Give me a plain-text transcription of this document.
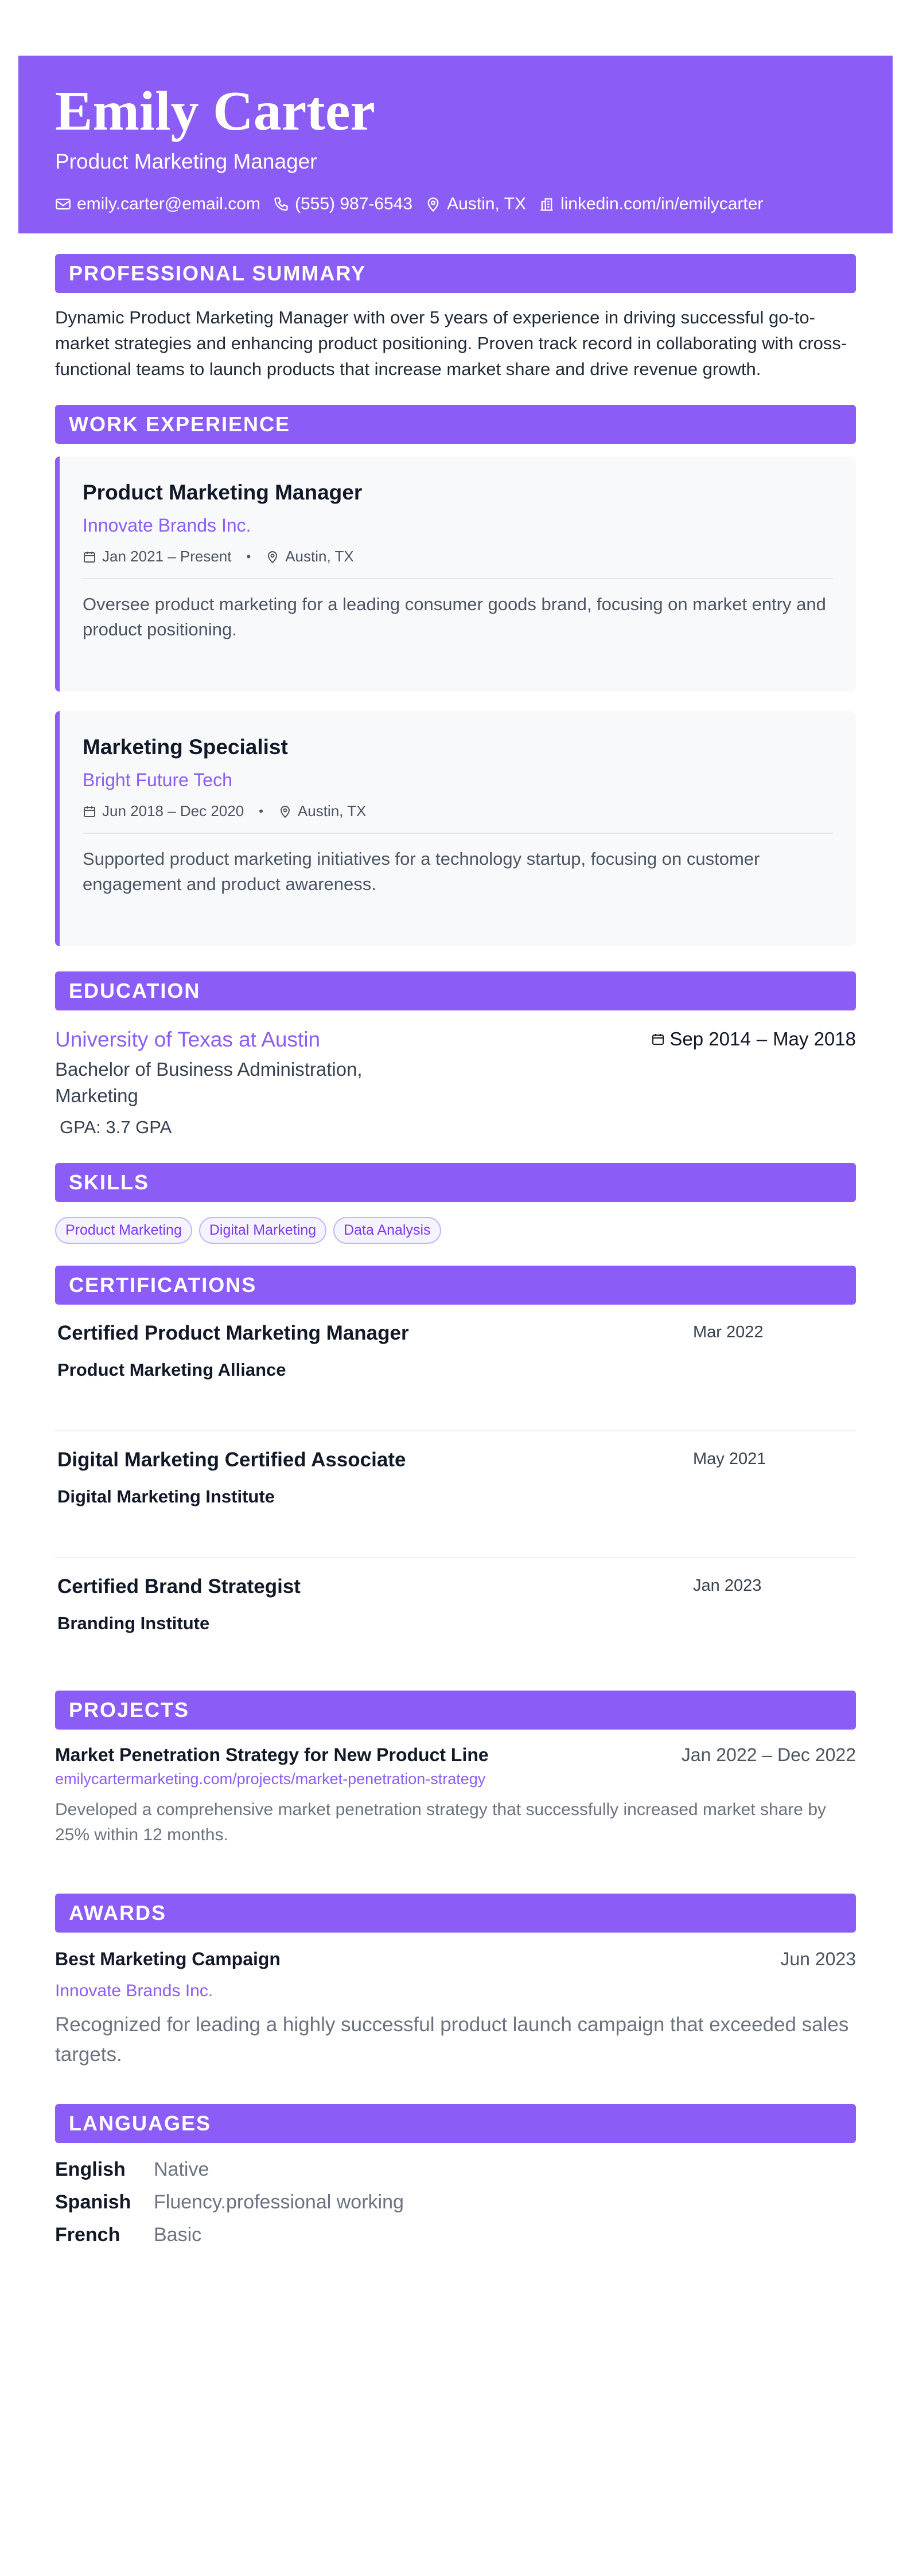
Emily Carter
Product Marketing Manager
emily.carter@email.com (555) 987-6543 Austin, TX linkedin.com/in/emilycarter
PROFESSIONAL SUMMARY
Dynamic Product Marketing Manager with over 5 years of experience in driving successful go-to-market strategies and enhancing product positioning. Proven track record in collaborating with cross-functional teams to launch products that increase market share and drive revenue growth.
WORK EXPERIENCE
Product Marketing Manager
Innovate Brands Inc.
Jan 2021 – Present • Austin, TX
Oversee product marketing for a leading consumer goods brand, focusing on market entry and product positioning.
Marketing Specialist
Bright Future Tech
Jun 2018 – Dec 2020 • Austin, TX
Supported product marketing initiatives for a technology startup, focusing on customer engagement and product awareness.
EDUCATION
University of Texas at Austin
Bachelor of Business Administration, Marketing
GPA: 3.7 GPA
Sep 2014 – May 2018
SKILLS
Product Marketing	Digital Marketing	Data Analysis
CERTIFICATIONS
Certified Product Marketing Manager
Product Marketing Alliance
Mar 2022
Digital Marketing Certified Associate
Digital Marketing Institute
May 2021
Certified Brand Strategist
Branding Institute
Jan 2023
PROJECTS
Market Penetration Strategy for New Product Line	Jan 2022 – Dec 2022
emilycartermarketing.com/projects/market-penetration-strategy
Developed a comprehensive market penetration strategy that successfully increased market share by 25% within 12 months.
AWARDS
Best Marketing Campaign	Jun 2023
Innovate Brands Inc.
Recognized for leading a highly successful product launch campaign that exceeded sales targets.
LANGUAGES
English	Native
Spanish	Fluency.professional working
French	Basic
